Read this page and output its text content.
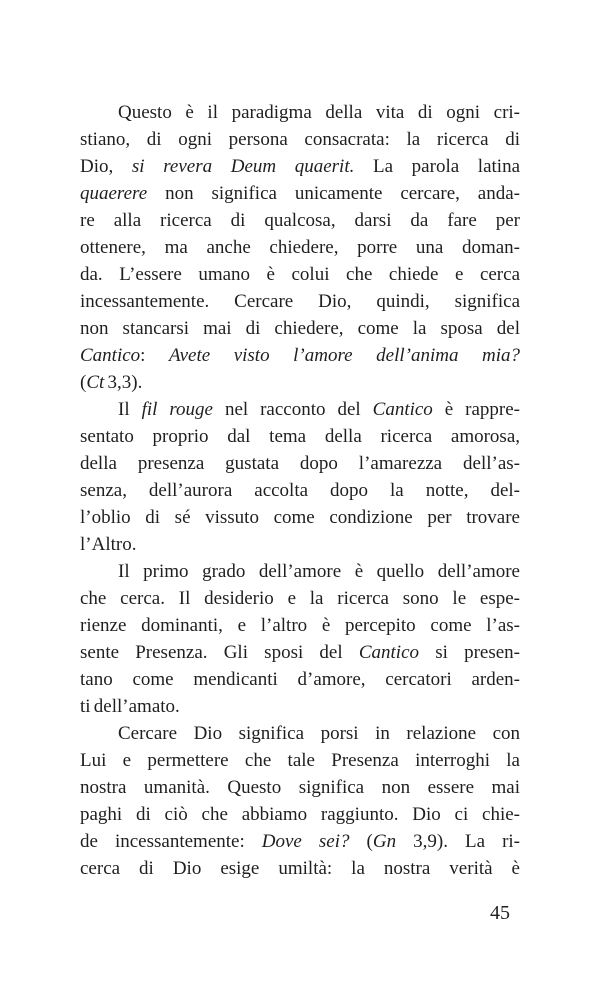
Questo è il paradigma della vita di ogni cri-
stiano, di ogni persona consacrata: la ricerca di
Dio, si revera Deum quaerit. La parola latina
quaerere non significa unicamente cercare, anda-
re alla ricerca di qualcosa, darsi da fare per
ottenere, ma anche chiedere, porre una doman-
da. L’essere umano è colui che chiede e cerca
incessantemente. Cercare Dio, quindi, significa
non stancarsi mai di chiedere, come la sposa del
Cantico: Avete visto l’amore dell’anima mia?
(Ct 3,3).
Il fil rouge nel racconto del Cantico è rappre-
sentato proprio dal tema della ricerca amorosa,
della presenza gustata dopo l’amarezza dell’as-
senza, dell’aurora accolta dopo la notte, del-
l’oblio di sé vissuto come condizione per trovare
l’Altro.
Il primo grado dell’amore è quello dell’amore
che cerca. Il desiderio e la ricerca sono le espe-
rienze dominanti, e l’altro è percepito come l’as-
sente Presenza. Gli sposi del Cantico si presen-
tano come mendicanti d’amore, cercatori arden-
ti dell’amato.
Cercare Dio significa porsi in relazione con
Lui e permettere che tale Presenza interroghi la
nostra umanità. Questo significa non essere mai
paghi di ciò che abbiamo raggiunto. Dio ci chie-
de incessantemente: Dove sei? (Gn 3,9). La ri-
cerca di Dio esige umiltà: la nostra verità è
45
